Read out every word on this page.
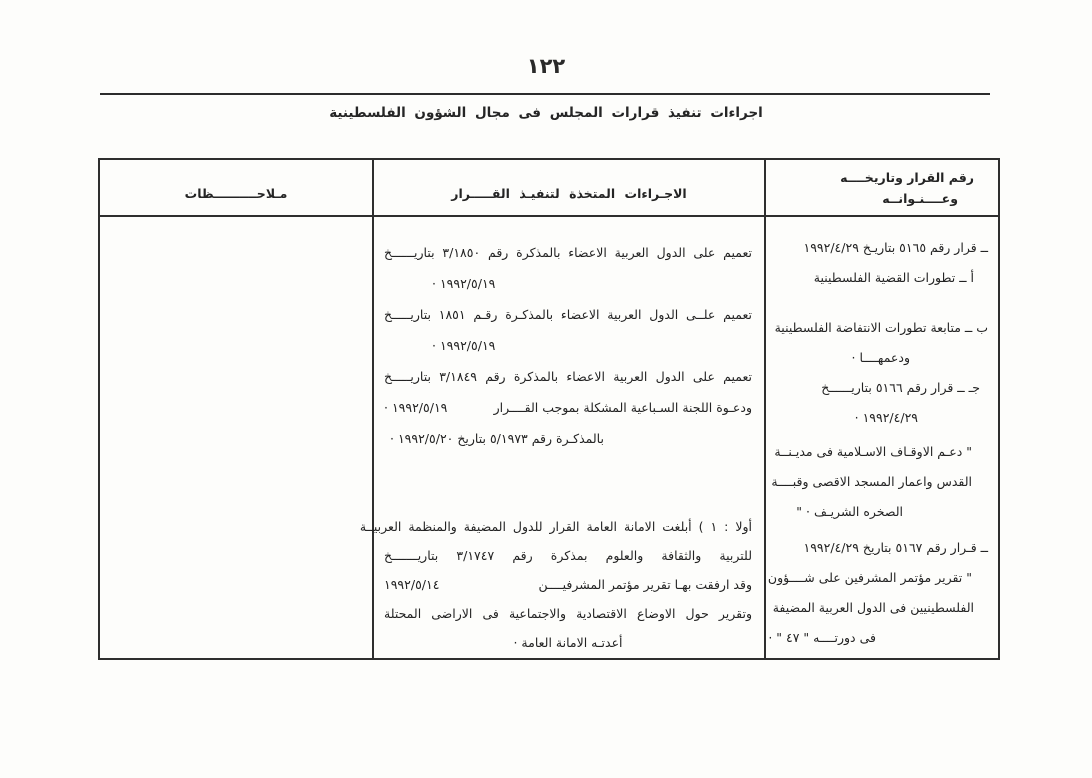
١٢٢
اجراءات تنفيذ قرارات المجلس فى مجال الشؤون الفلسطينية
رقم القرار وتاريخــــه
وعــــنـوانــه
الاجـراءات المتخذة لتنفيـذ القـــــرار
مـلاحــــــــــظات
ــ قرار رقم ٥١٦٥ بتاريـخ ١٩٩٢/٤/٢٩
أ ــ تطورات القضية الفلسطينية
ب ــ متابعة تطورات الانتفاضة الفلسطينية
ودعمهــــا ·
جـ ــ قرار رقم ٥١٦٦ بتاريــــــخ
١٩٩٢/٤/٢٩ ·
" دعـم الاوقـاف الاسـلامية فى مديـنــة
القدس واعمار المسجد الاقصى وقبــــة
الصخره الشريـف · "
ــ قـرار رقم ٥١٦٧ بتاريخ ١٩٩٢/٤/٢٩
" تقرير مؤتمر المشرفين على شــــؤون
الفلسطينيين فى الدول العربية المضيفة
فى دورتــــه " ٤٧ " ·
تعميم على الدول العربية الاعضاء بالمذكرة رقم ٣/١٨٥٠ بتاريــــــخ
١٩٩٢/٥/١٩ ·
تعميم علــى الدول العربية الاعضاء بالمذكـرة رقـم ١٨٥١ بتاريـــــخ
١٩٩٢/٥/١٩ ·
تعميم على الدول العربية الاعضاء بالمذكرة رقم ٣/١٨٤٩ بتاريـــــخ
ودعـوة اللجنة السـباعية المشكلة بموجب القــــرار
١٩٩٢/٥/١٩ ·
بالمذكـرة رقم ٥/١٩٧٣ بتاريخ ١٩٩٢/٥/٢٠ ·
أولا : ١ ) أبلغت الامانة العامة القرار للدول المضيفة والمنظمة العربيــة
للتربية والثقافة والعلوم بمذكرة رقم ٣/١٧٤٧ بتاريـــــــخ
وقد ارفقت بهـا تقرير مؤتمر المشرفيــــن
١٩٩٢/٥/١٤
وتقرير حول الاوضاع الاقتصادية والاجتماعية فى الاراضى المحتلة
أعدتـه الامانة العامة ·
